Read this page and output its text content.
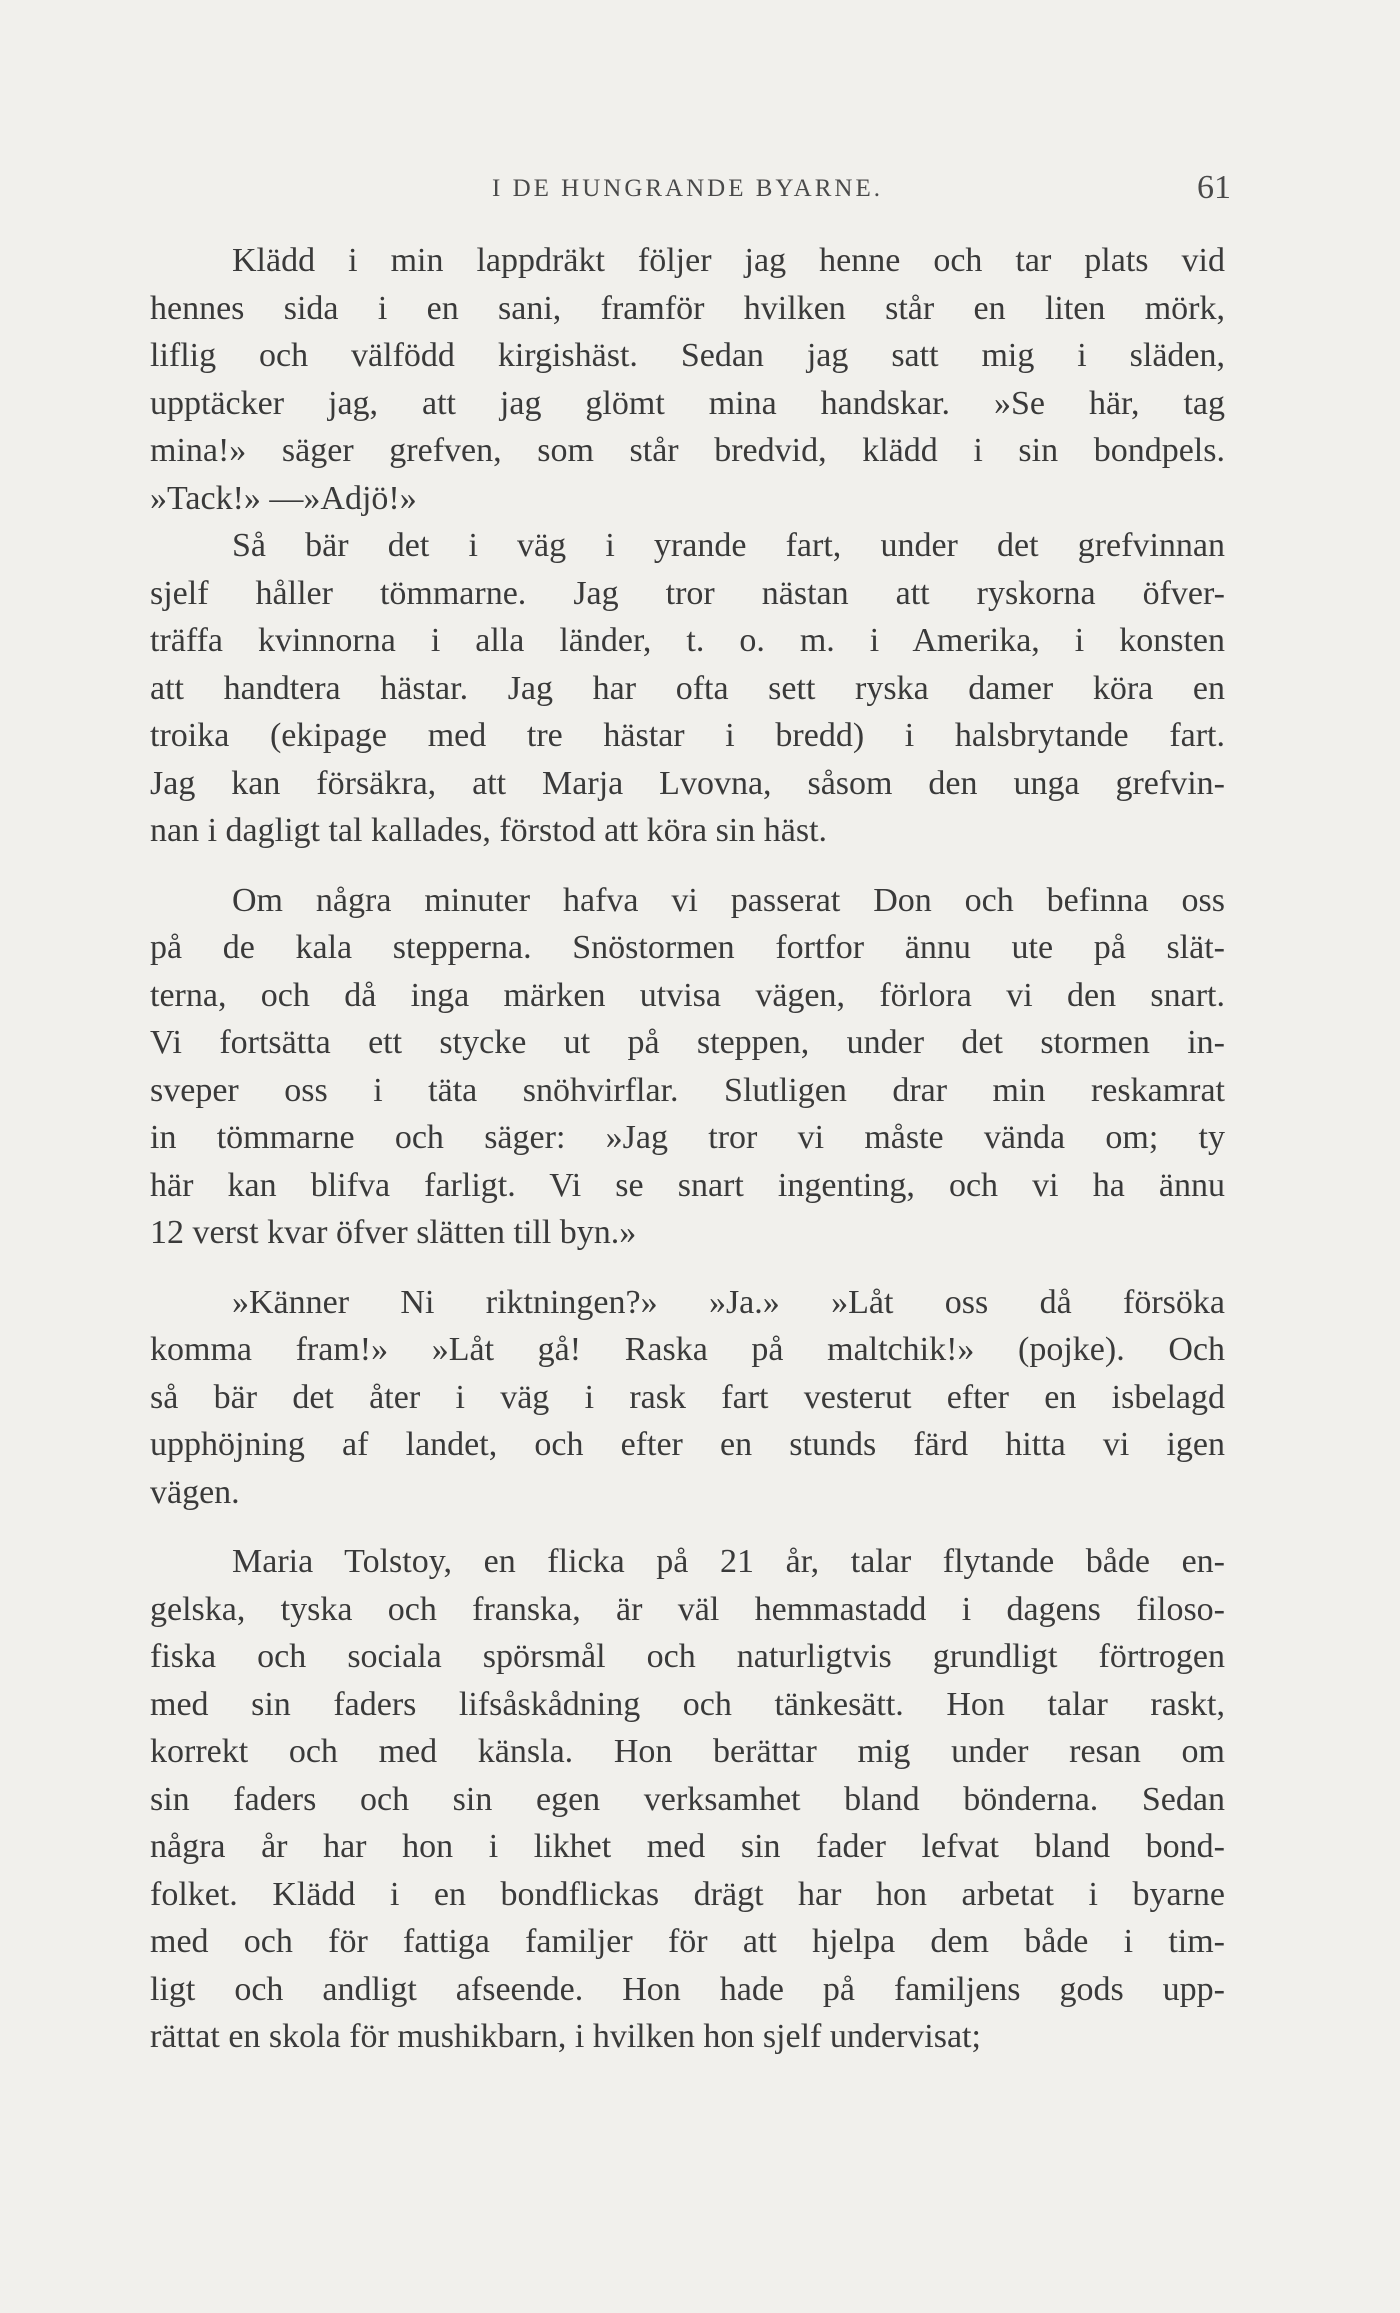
I DE HUNGRANDE BYARNE.	61
Klädd i min lappdräkt följer jag henne och tar plats vid
hennes sida i en sani, framför hvilken står en liten mörk,
liflig och välfödd kirgishäst. Sedan jag satt mig i släden,
upptäcker jag, att jag glömt mina handskar. »Se här, tag
mina!» säger grefven, som står bredvid, klädd i sin bondpels.
»Tack!» —»Adjö!»
Så bär det i väg i yrande fart, under det grefvinnan
sjelf håller tömmarne. Jag tror nästan att ryskorna öfver-
träffa kvinnorna i alla länder, t. o. m. i Amerika, i konsten
att handtera hästar. Jag har ofta sett ryska damer köra en
troika (ekipage med tre hästar i bredd) i halsbrytande fart.
Jag kan försäkra, att Marja Lvovna, såsom den unga grefvin-
nan i dagligt tal kallades, förstod att köra sin häst.
Om några minuter hafva vi passerat Don och befinna oss
på de kala stepperna. Snöstormen fortfor ännu ute på slät-
terna, och då inga märken utvisa vägen, förlora vi den snart.
Vi fortsätta ett stycke ut på steppen, under det stormen in-
sveper oss i täta snöhvirflar. Slutligen drar min reskamrat
in tömmarne och säger: »Jag tror vi måste vända om; ty
här kan blifva farligt. Vi se snart ingenting, och vi ha ännu
12 verst kvar öfver slätten till byn.»
»Känner Ni riktningen?» »Ja.» »Låt oss då försöka
komma fram!» »Låt gå! Raska på maltchik!» (pojke). Och
så bär det åter i väg i rask fart vesterut efter en isbelagd
upphöjning af landet, och efter en stunds färd hitta vi igen
vägen.
Maria Tolstoy, en flicka på 21 år, talar flytande både en-
gelska, tyska och franska, är väl hemmastadd i dagens filoso-
fiska och sociala spörsmål och naturligtvis grundligt förtrogen
med sin faders lifsåskådning och tänkesätt. Hon talar raskt,
korrekt och med känsla. Hon berättar mig under resan om
sin faders och sin egen verksamhet bland bönderna. Sedan
några år har hon i likhet med sin fader lefvat bland bond-
folket. Klädd i en bondflickas drägt har hon arbetat i byarne
med och för fattiga familjer för att hjelpa dem både i tim-
ligt och andligt afseende. Hon hade på familjens gods upp-
rättat en skola för mushikbarn, i hvilken hon sjelf undervisat;
